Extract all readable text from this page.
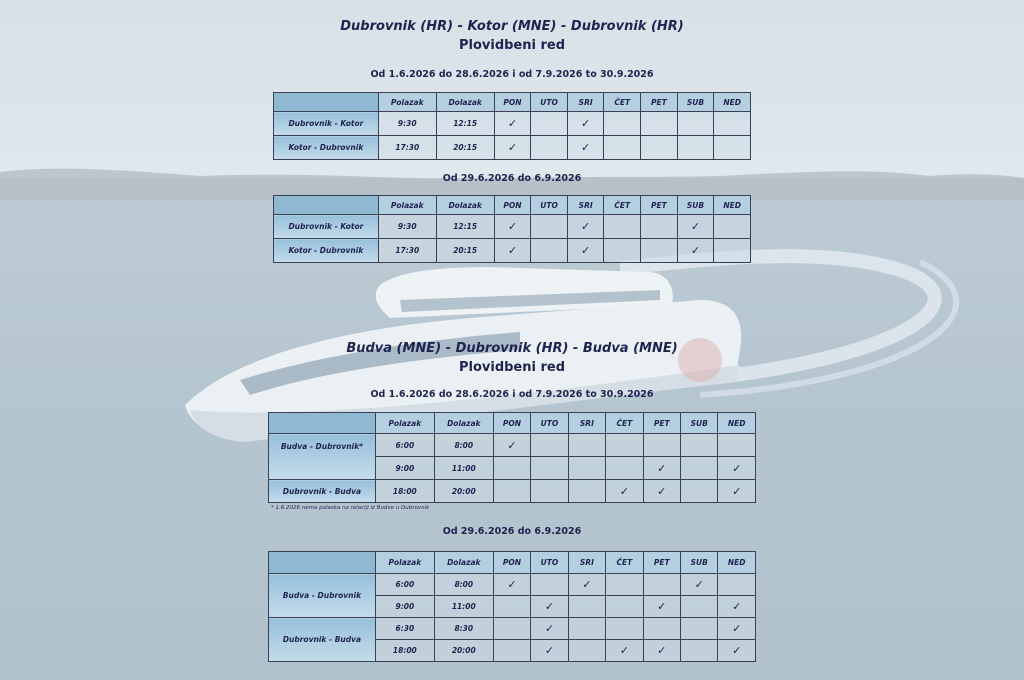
Dubrovnik (HR) - Kotor (MNE) - Dubrovnik (HR)
Plovidbeni red
Od 1.6.2026 do 28.6.2026 i od 7.9.2026 to 30.9.2026
	Polazak	Dolazak	PON	UTO	SRI	ČET	PET	SUB	NED
Dubrovnik - Kotor	9:30	12:15	✓		✓				
Kotor - Dubrovnik	17:30	20:15	✓		✓				
Od 29.6.2026 do 6.9.2026
	Polazak	Dolazak	PON	UTO	SRI	ČET	PET	SUB	NED
Dubrovnik - Kotor	9:30	12:15	✓		✓			✓	
Kotor - Dubrovnik	17:30	20:15	✓		✓			✓	
Budva (MNE) - Dubrovnik (HR) - Budva (MNE)
Plovidbeni red
Od 1.6.2026 do 28.6.2026 i od 7.9.2026 to 30.9.2026
	Polazak	Dolazak	PON	UTO	SRI	ČET	PET	SUB	NED
Budva - Dubrovnik*	6:00	8:00	✓						
	9:00	11:00					✓		✓
Dubrovnik - Budva	18:00	20:00				✓	✓		✓
* 1.6.2026 nema polaska na relaciji iz Budve u Dubrovnik
Od 29.6.2026 do 6.9.2026
	Polazak	Dolazak	PON	UTO	SRI	ČET	PET	SUB	NED
Budva - Dubrovnik	6:00	8:00	✓		✓			✓	
	9:00	11:00		✓			✓		✓
Dubrovnik - Budva	6:30	8:30		✓					✓
	18:00	20:00		✓		✓	✓		✓
